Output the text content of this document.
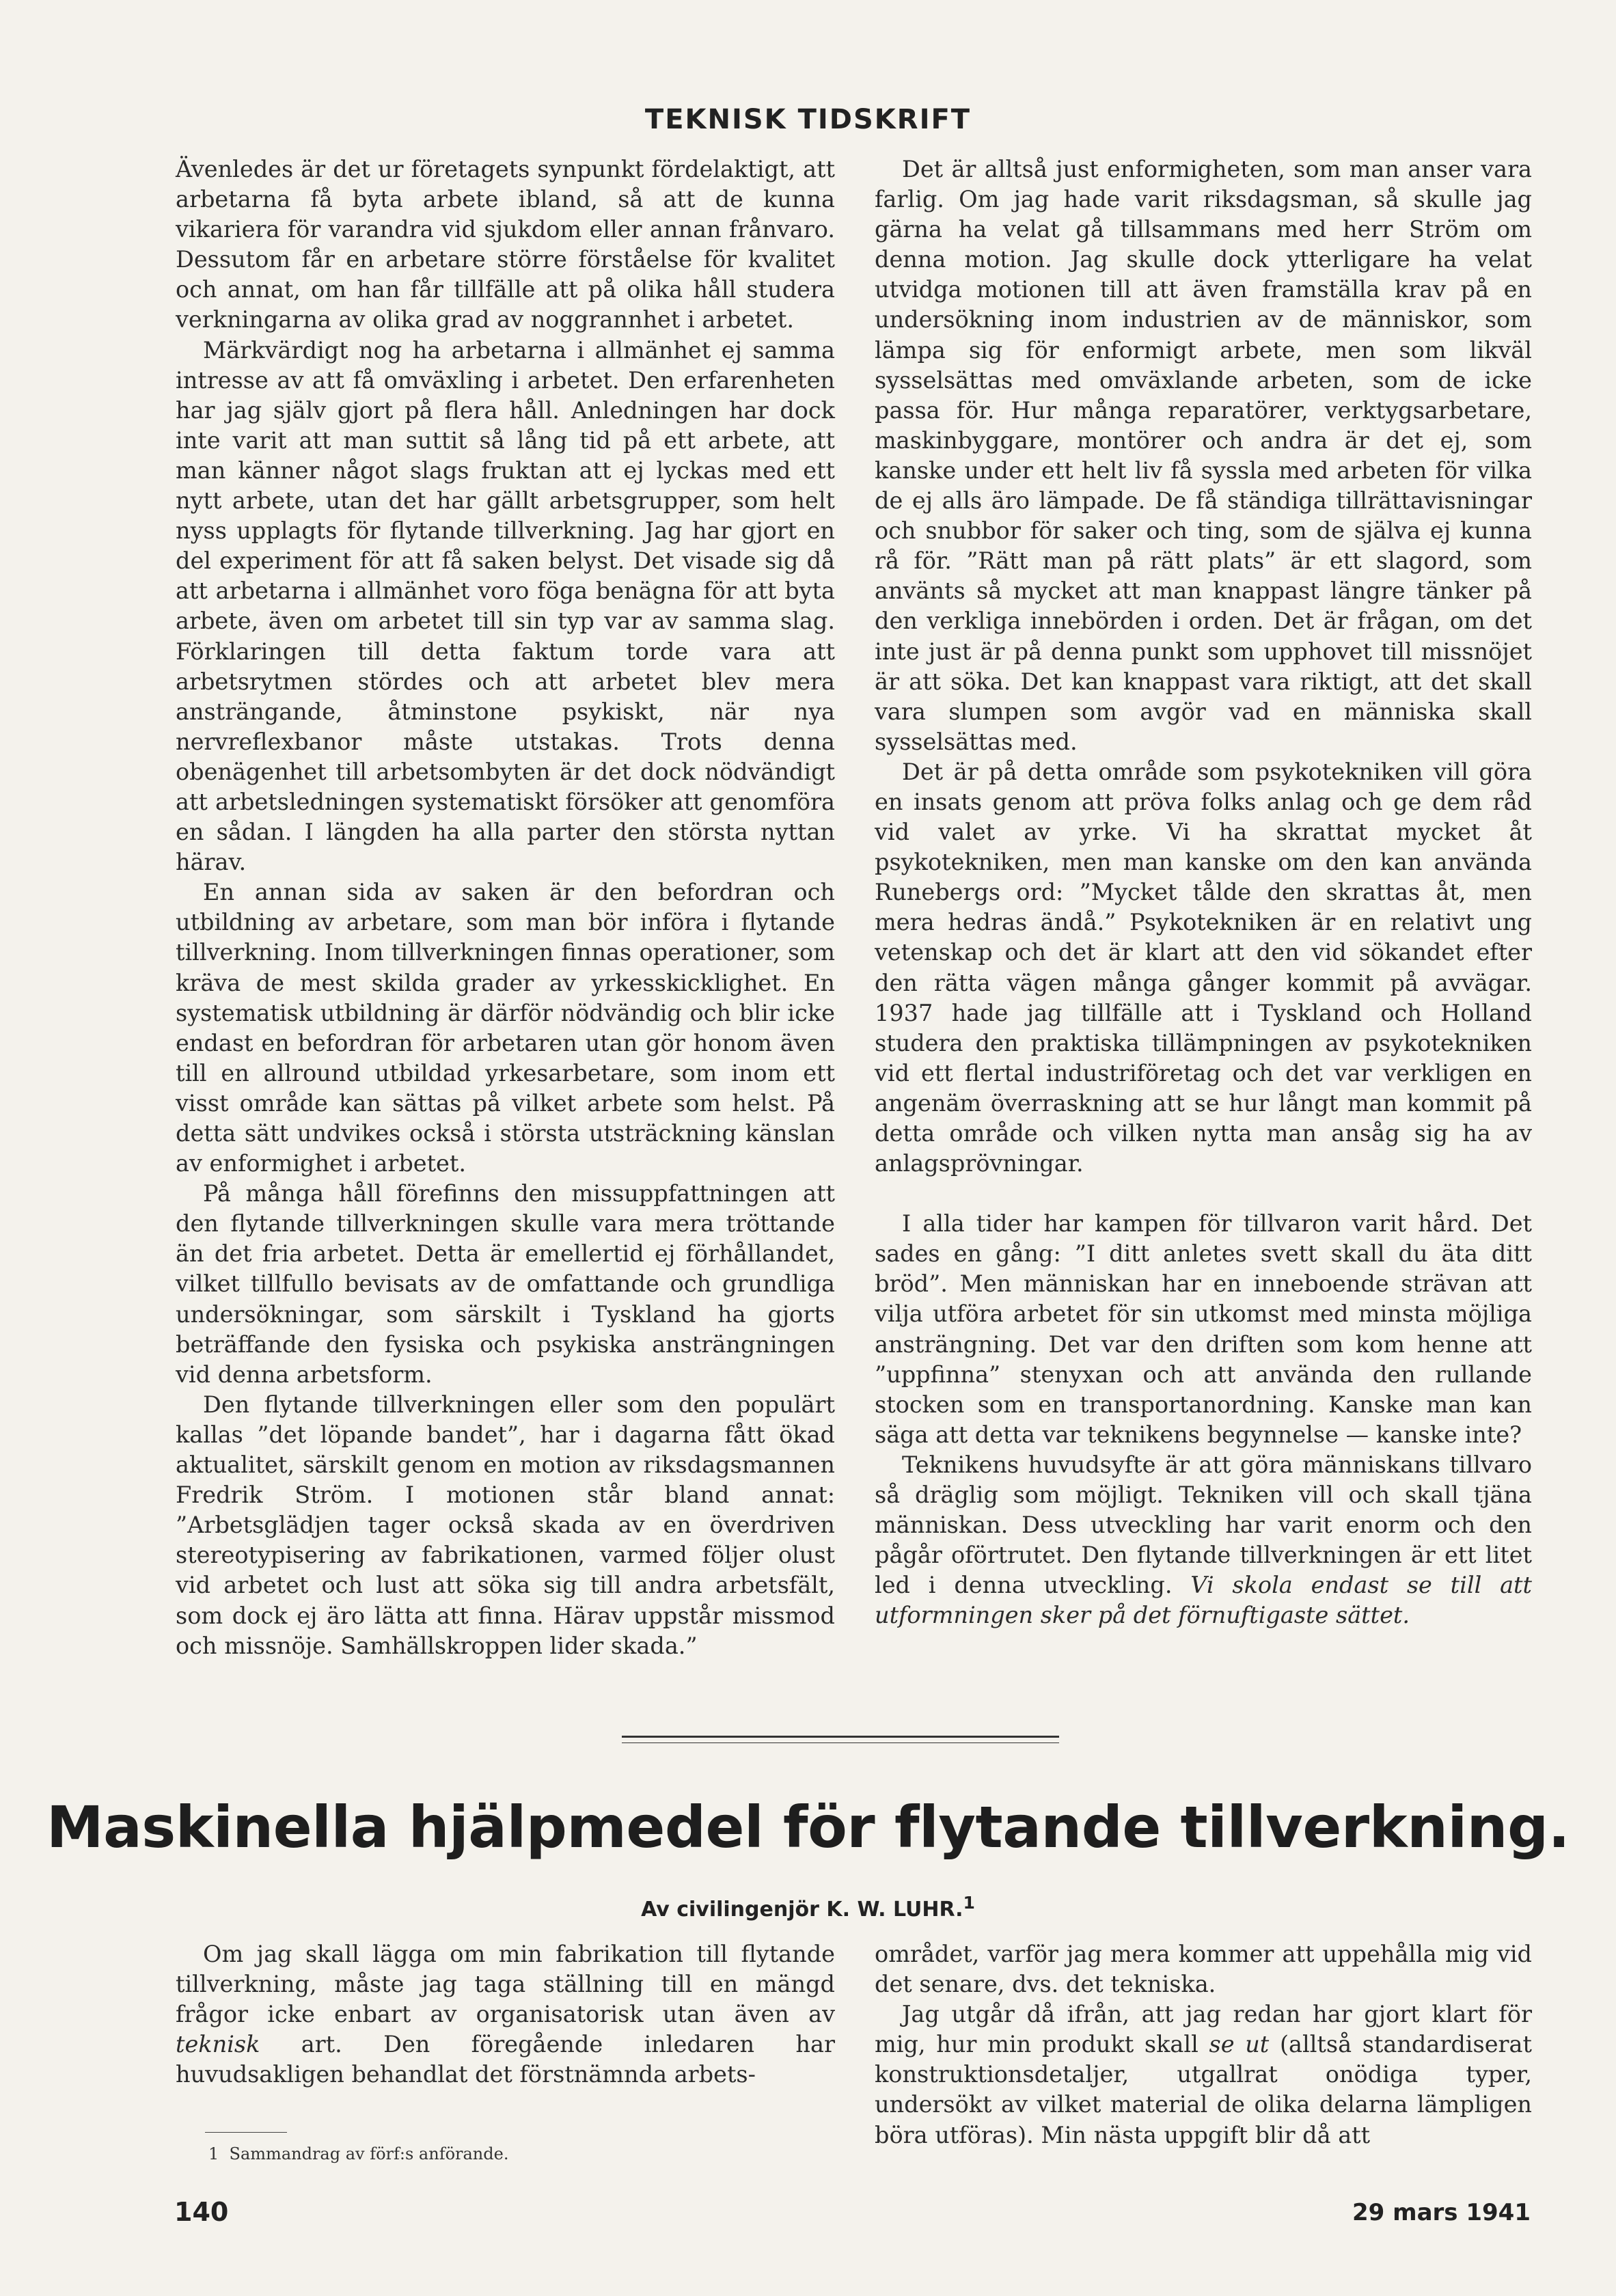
TEKNISK TIDSKRIFT

Ävenledes är det ur företagets synpunkt fördelaktigt, att arbetarna få byta arbete ibland, så att de kunna vikariera för varandra vid sjukdom eller annan frånvaro. Dessutom får en arbetare större förståelse för kvalitet och annat, om han får tillfälle att på olika håll studera verkningarna av olika grad av noggrannhet i arbetet.

Märkvärdigt nog ha arbetarna i allmänhet ej samma intresse av att få omväxling i arbetet. Den erfarenheten har jag själv gjort på flera håll. Anledningen har dock inte varit att man suttit så lång tid på ett arbete, att man känner något slags fruktan att ej lyckas med ett nytt arbete, utan det har gällt arbetsgrupper, som helt nyss upplagts för flytande tillverkning. Jag har gjort en del experiment för att få saken belyst. Det visade sig då att arbetarna i allmänhet voro föga benägna för att byta arbete, även om arbetet till sin typ var av samma slag. Förklaringen till detta faktum torde vara att arbetsrytmen stördes och att arbetet blev mera ansträngande, åtminstone psykiskt, när nya nervreflexbanor måste utstakas. Trots denna obenägenhet till arbetsombyten är det dock nödvändigt att arbetsledningen systematiskt försöker att genomföra en sådan. I längden ha alla parter den största nyttan härav.

En annan sida av saken är den befordran och utbildning av arbetare, som man bör införa i flytande tillverkning. Inom tillverkningen finnas operationer, som kräva de mest skilda grader av yrkesskicklighet. En systematisk utbildning är därför nödvändig och blir icke endast en befordran för arbetaren utan gör honom även till en allround utbildad yrkesarbetare, som inom ett visst område kan sättas på vilket arbete som helst. På detta sätt undvikes också i största utsträckning känslan av enformighet i arbetet.

På många håll förefinns den missuppfattningen att den flytande tillverkningen skulle vara mera tröttande än det fria arbetet. Detta är emellertid ej förhållandet, vilket tillfullo bevisats av de omfattande och grundliga undersökningar, som särskilt i Tyskland ha gjorts beträffande den fysiska och psykiska ansträngningen vid denna arbetsform.

Den flytande tillverkningen eller som den populärt kallas ”det löpande bandet”, har i dagarna fått ökad aktualitet, särskilt genom en motion av riksdagsmannen Fredrik Ström. I motionen står bland annat: ”Arbetsglädjen tager också skada av en överdriven stereotypisering av fabrikationen, varmed följer olust vid arbetet och lust att söka sig till andra arbetsfält, som dock ej äro lätta att finna. Härav uppstår missmod och missnöje. Samhällskroppen lider skada.”

Det är alltså just enformigheten, som man anser vara farlig. Om jag hade varit riksdagsman, så skulle jag gärna ha velat gå tillsammans med herr Ström om denna motion. Jag skulle dock ytterligare ha velat utvidga motionen till att även framställa krav på en undersökning inom industrien av de människor, som lämpa sig för enformigt arbete, men som likväl sysselsättas med omväxlande arbeten, som de icke passa för. Hur många reparatörer, verktygsarbetare, maskinbyggare, montörer och andra är det ej, som kanske under ett helt liv få syssla med arbeten för vilka de ej alls äro lämpade. De få ständiga tillrättavisningar och snubbor för saker och ting, som de själva ej kunna rå för. ”Rätt man på rätt plats” är ett slagord, som använts så mycket att man knappast längre tänker på den verkliga innebörden i orden. Det är frågan, om det inte just är på denna punkt som upphovet till missnöjet är att söka. Det kan knappast vara riktigt, att det skall vara slumpen som avgör vad en människa skall sysselsättas med.

Det är på detta område som psykotekniken vill göra en insats genom att pröva folks anlag och ge dem råd vid valet av yrke. Vi ha skrattat mycket åt psykotekniken, men man kanske om den kan använda Runebergs ord: ”Mycket tålde den skrattas åt, men mera hedras ändå.” Psykotekniken är en relativt ung vetenskap och det är klart att den vid sökandet efter den rätta vägen många gånger kommit på avvägar. 1937 hade jag tillfälle att i Tyskland och Holland studera den praktiska tillämpningen av psykotekniken vid ett flertal industriföretag och det var verkligen en angenäm överraskning att se hur långt man kommit på detta område och vilken nytta man ansåg sig ha av anlagsprövningar.

I alla tider har kampen för tillvaron varit hård. Det sades en gång: ”I ditt anletes svett skall du äta ditt bröd”. Men människan har en inneboende strävan att vilja utföra arbetet för sin utkomst med minsta möjliga ansträngning. Det var den driften som kom henne att ”uppfinna” stenyxan och att använda den rullande stocken som en transportanordning. Kanske man kan säga att detta var teknikens begynnelse — kanske inte?

Teknikens huvudsyfte är att göra människans tillvaro så dräglig som möjligt. Tekniken vill och skall tjäna människan. Dess utveckling har varit enorm och den pågår oförtrutet. Den flytande tillverkningen är ett litet led i denna utveckling. Vi skola endast se till att utformningen sker på det förnuftigaste sättet.

Maskinella hjälpmedel för flytande tillverkning.
Av civilingenjör K. W. LUHR.$^1$

Om jag skall lägga om min fabrikation till flytande tillverkning, måste jag taga ställning till en mängd frågor icke enbart av organisatorisk utan även av teknisk art. Den föregående inledaren har huvudsakligen behandlat det förstnämnda arbets-

området, varför jag mera kommer att uppehålla mig vid det senare, dvs. det tekniska.

Jag utgår då ifrån, att jag redan har gjort klart för mig, hur min produkt skall se ut (alltså standardiserat konstruktionsdetaljer, utgallrat onödiga typer, undersökt av vilket material de olika delarna lämpligen böra utföras). Min nästa uppgift blir då att

1 Sammandrag av förf:s anförande.
140	29 mars 1941
